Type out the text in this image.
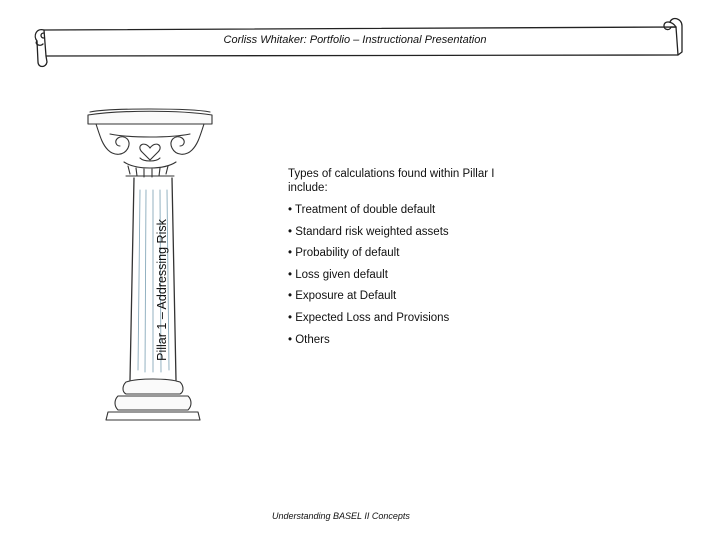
Corliss Whitaker: Portfolio – Instructional Presentation
Pillar 1 – Addressing Risk
Types of calculations found within Pillar I include:
• Treatment of double default
• Standard risk weighted assets
• Probability of default
• Loss given default
• Exposure at Default
• Expected Loss and Provisions
• Others
Understanding BASEL II Concepts
